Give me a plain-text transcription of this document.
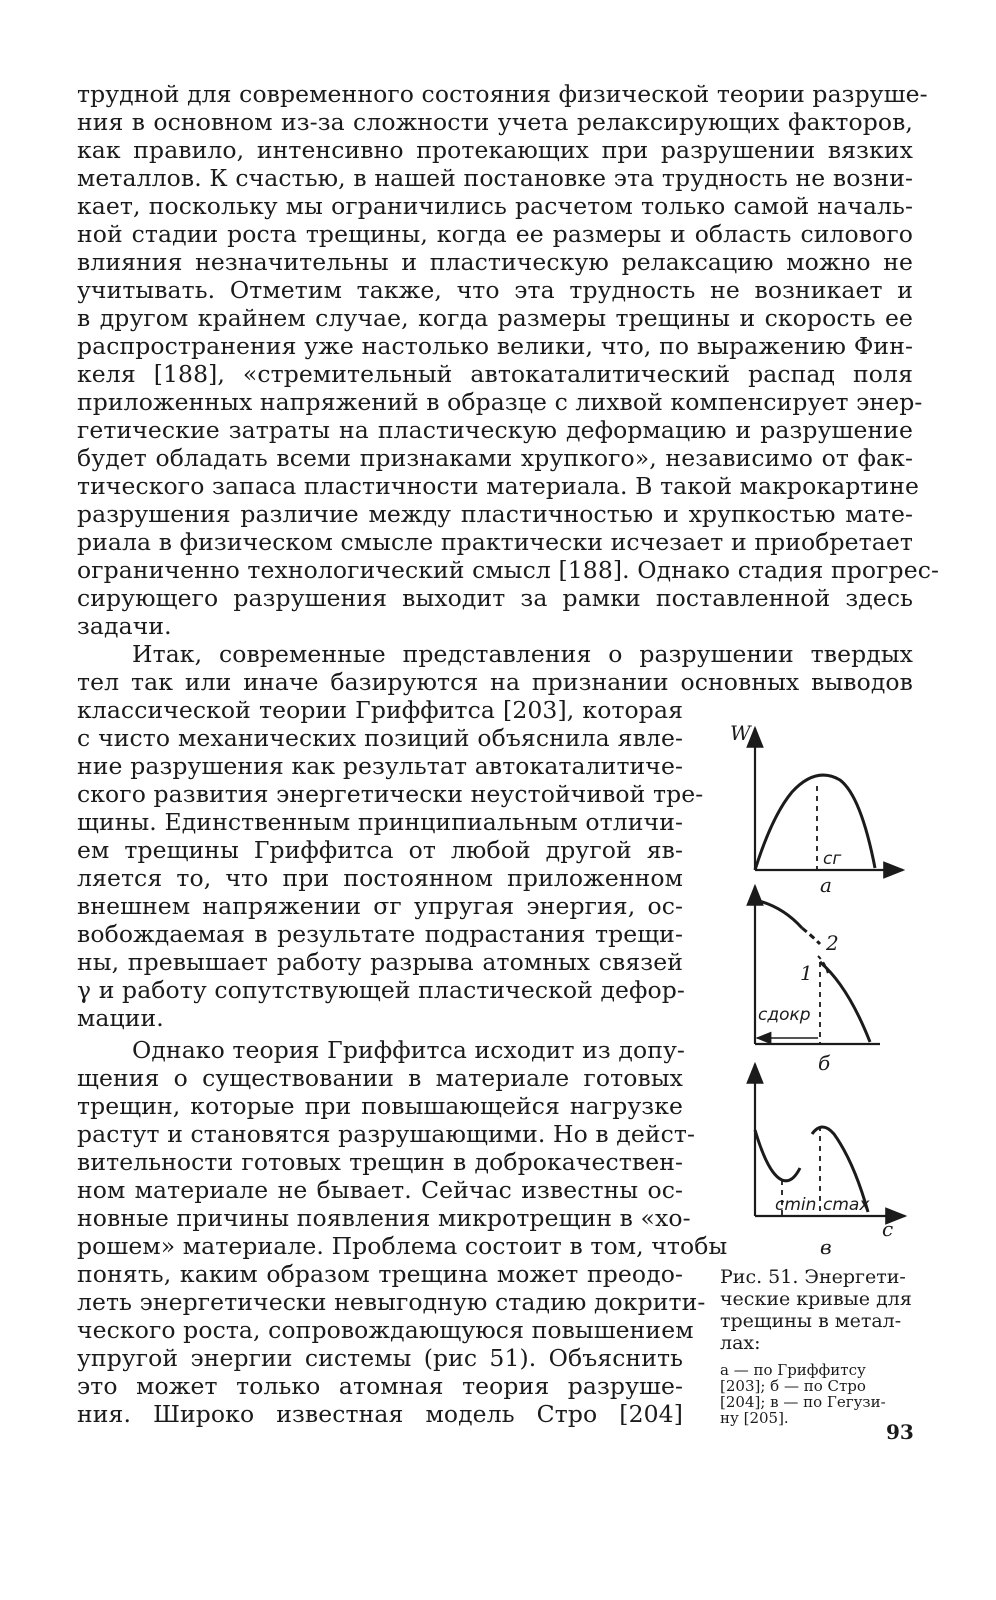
трудной для современного состояния физической теории разруше-
ния в основном из-за сложности учета релаксирующих факторов,
как правило, интенсивно протекающих при разрушении вязких
металлов. К счастью, в нашей постановке эта трудность не возни-
кает, поскольку мы ограничились расчетом только самой началь-
ной стадии роста трещины, когда ее размеры и область силового
влияния незначительны и пластическую релаксацию можно не
учитывать. Отметим также, что эта трудность не возникает и
в другом крайнем случае, когда размеры трещины и скорость ее
распространения уже настолько велики, что, по выражению Фин-
келя [188], «стремительный автокаталитический распад поля
приложенных напряжений в образце с лихвой компенсирует энер-
гетические затраты на пластическую деформацию и разрушение
будет обладать всеми признаками хрупкого», независимо от фак-
тического запаса пластичности материала. В такой макрокартине
разрушения различие между пластичностью и хрупкостью мате-
риала в физическом смысле практически исчезает и приобретает
ограниченно технологический смысл [188]. Однако стадия прогрес-
сирующего разрушения выходит за рамки поставленной здесь
задачи.
Итак, современные представления о разрушении твердых
тел так или иначе базируются на признании основных выводов
классической теории Гриффитса [203], которая
с чисто механических позиций объяснила явле-
ние разрушения как результат автокаталитиче-
ского развития энергетически неустойчивой тре-
щины. Единственным принципиальным отличи-
ем трещины Гриффитса от любой другой яв-
ляется то, что при постоянном приложенном
внешнем напряжении σг упругая энергия, ос-
вобождаемая в результате подрастания трещи-
ны, превышает работу разрыва атомных связей
γ и работу сопутствующей пластической дефор-
мации.
Однако теория Гриффитса исходит из допу-
щения о существовании в материале готовых
трещин, которые при повышающейся нагрузке
растут и становятся разрушающими. Но в дейст-
вительности готовых трещин в доброкачествен-
ном материале не бывает. Сейчас известны ос-
новные причины появления микротрещин в «хо-
рошем» материале. Проблема состоит в том, чтобы
понять, каким образом трещина может преодо-
леть энергетически невыгодную стадию докрити-
ческого роста, сопровождающуюся повышением
упругой энергии системы (рис 51). Объяснить
это может только атомная теория разруше-
ния. Широко известная модель Стро [204]
W
cг
a
2
1
cдокр
б
cmin cmax
c
в
Рис. 51. Энергети-
ческие кривые для
трещины в метал-
лах:
а — по Гриффитсу
[203]; б — по Стро
[204]; в — по Гегузи-
ну [205].
93
